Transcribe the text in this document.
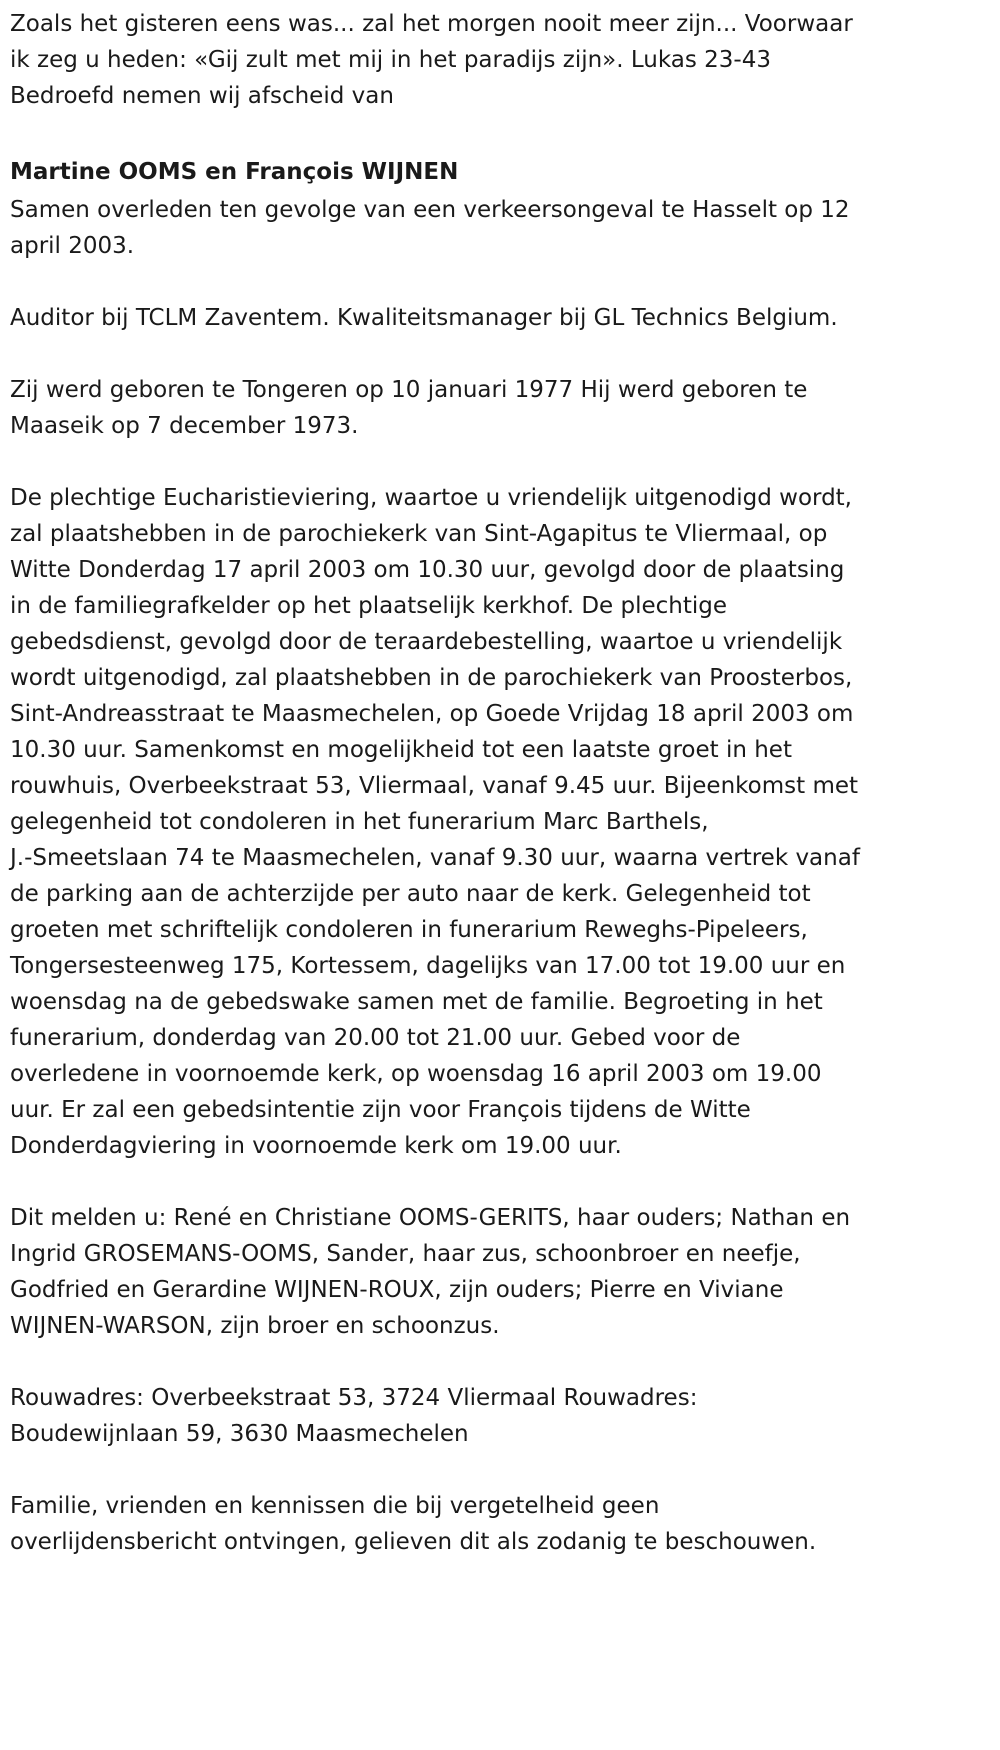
Zoals het gisteren eens was... zal het morgen nooit meer zijn... Voorwaar

ik zeg u heden: «Gij zult met mij in het paradijs zijn». Lukas 23-43

Bedroefd nemen wij afscheid van

Martine OOMS en François WIJNEN

Samen overleden ten gevolge van een verkeersongeval te Hasselt op 12

april 2003.

Auditor bij TCLM Zaventem. Kwaliteitsmanager bij GL Technics Belgium.

Zij werd geboren te Tongeren op 10 januari 1977 Hij werd geboren te

Maaseik op 7 december 1973.

De plechtige Eucharistieviering, waartoe u vriendelijk uitgenodigd wordt,

zal plaatshebben in de parochiekerk van Sint-Agapitus te Vliermaal, op

Witte Donderdag 17 april 2003 om 10.30 uur, gevolgd door de plaatsing

in de familiegrafkelder op het plaatselijk kerkhof. De plechtige

gebedsdienst, gevolgd door de teraardebestelling, waartoe u vriendelijk

wordt uitgenodigd, zal plaatshebben in de parochiekerk van Proosterbos,

Sint-Andreasstraat te Maasmechelen, op Goede Vrijdag 18 april 2003 om

10.30 uur. Samenkomst en mogelijkheid tot een laatste groet in het

rouwhuis, Overbeekstraat 53, Vliermaal, vanaf 9.45 uur. Bijeenkomst met

gelegenheid tot condoleren in het funerarium Marc Barthels,

J.-Smeetslaan 74 te Maasmechelen, vanaf 9.30 uur, waarna vertrek vanaf

de parking aan de achterzijde per auto naar de kerk. Gelegenheid tot

groeten met schriftelijk condoleren in funerarium Reweghs-Pipeleers,

Tongersesteenweg 175, Kortessem, dagelijks van 17.00 tot 19.00 uur en

woensdag na de gebedswake samen met de familie. Begroeting in het

funerarium, donderdag van 20.00 tot 21.00 uur. Gebed voor de

overledene in voornoemde kerk, op woensdag 16 april 2003 om 19.00

uur. Er zal een gebedsintentie zijn voor François tijdens de Witte

Donderdagviering in voornoemde kerk om 19.00 uur.

Dit melden u: René en Christiane OOMS-GERITS, haar ouders; Nathan en

Ingrid GROSEMANS-OOMS, Sander, haar zus, schoonbroer en neefje,

Godfried en Gerardine WIJNEN-ROUX, zijn ouders; Pierre en Viviane

WIJNEN-WARSON, zijn broer en schoonzus.

Rouwadres: Overbeekstraat 53, 3724 Vliermaal Rouwadres:

Boudewijnlaan 59, 3630 Maasmechelen

Familie, vrienden en kennissen die bij vergetelheid geen

overlijdensbericht ontvingen, gelieven dit als zodanig te beschouwen.
